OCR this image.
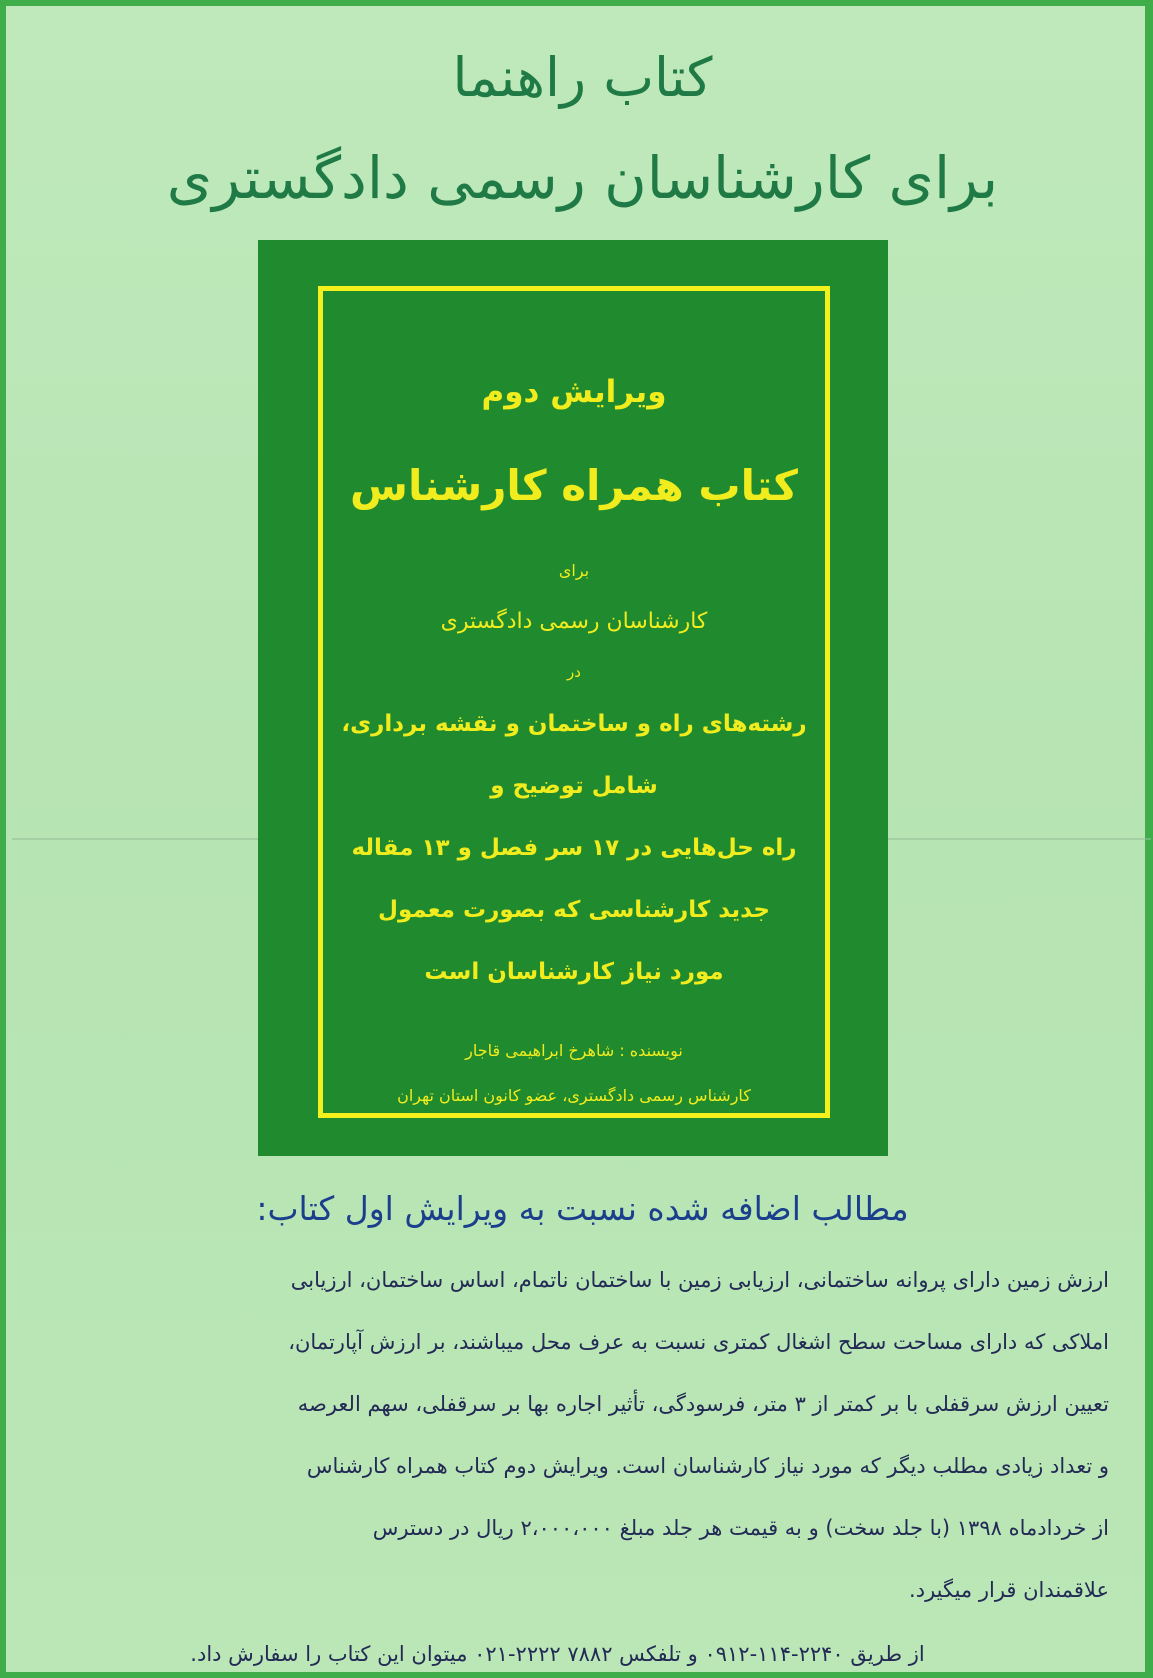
کتاب راهنما
برای کارشناسان رسمی دادگستری
ویرایش دوم
کتاب همراه کارشناس
برای
کارشناسان رسمی دادگستری
در
رشته‌های راه و ساختمان و نقشه برداری،
شامل توضیح و
راه حل‌هایی در ۱۷ سر فصل و ۱۳ مقاله
جدید کارشناسی که بصورت معمول
مورد نیاز کارشناسان است
نویسنده : شاهرخ ابراهیمی قاجار
کارشناس رسمی دادگستری، عضو کانون استان تهران
مطالب اضافه شده نسبت به ویرایش اول کتاب:

ارزش زمین دارای پروانه ساختمانی، ارزیابی زمین با ساختمان ناتمام، اساس ساختمان، ارزیابی

املاکی که دارای مساحت سطح اشغال کمتری نسبت به عرف محل میباشند، بر ارزش آپارتمان،

تعیین ارزش سرقفلی با بر کمتر از ۳ متر، فرسودگی، تأثیر اجاره بها بر سرقفلی، سهم العرصه

و تعداد زیادی مطلب دیگر که مورد نیاز کارشناسان است. ویرایش دوم کتاب همراه کارشناس

از خردادماه ۱۳۹۸ (با جلد سخت) و به قیمت هر جلد مبلغ ۲،۰۰۰،۰۰۰ ریال در دسترس

علاقمندان قرار میگیرد.

از طریق ۲۲۴۰-۱۱۴-۰۹۱۲ و تلفکس ۷۸۸۲ ۲۲۲۲-۰۲۱ میتوان این کتاب را سفارش داد.
